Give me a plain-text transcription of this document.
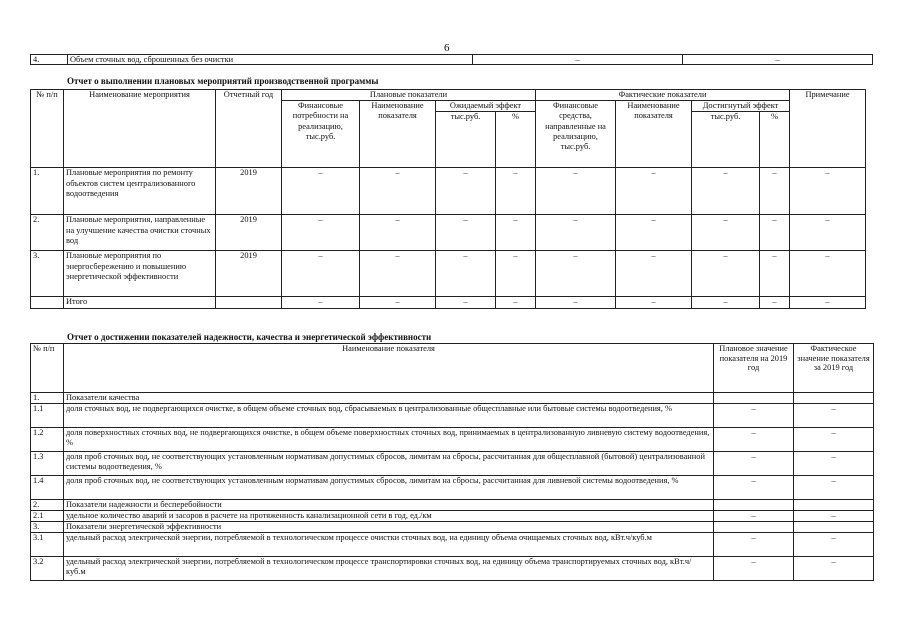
6
4.	Объем сточных вод, сброшенных без очистки	–	–
Отчет о выполнении плановых мероприятий производственной программы
№ п/п	Наименование мероприятия	Отчетный год	Плановые показатели				Фактические показатели				Примечание
			Финансовые потребности на реализацию, тыс.руб.	Наименование показателя	Ожидаемый эффект		Финансовые средства, направленные на реализацию, тыс.руб.	Наименование показателя	Достигнутый эффект		
					тыс.руб.	%			тыс.руб.	%	
1.	Плановые мероприятия по ремонту объектов систем централизованного водоотведения	2019	–	–	–	–	–	–	–	–	–
2.	Плановые мероприятия, направленные на улучшение качества очистки сточных вод	2019	–	–	–	–	–	–	–	–	–
3.	Плановые мероприятия по энергосбережению и повышению энергетической эффективности	2019	–	–	–	–	–	–	–	–	–
	Итого		–	–	–	–	–	–	–	–	–
Отчет о достижении показателей надежности, качества и энергетической эффективности
№ п/п	Наименование показателя	Плановое значение показателя на 2019 год	Фактическое значение показателя за 2019 год
1.	Показатели качества		
1.1	доля сточных вод, не подвергающихся очистке, в общем объеме сточных вод, сбрасываемых в централизованные общесплавные или бытовые системы водоотведения, %	–	–
1.2	доля поверхностных сточных вод, не подвергающихся очистке, в общем объеме поверхностных сточных вод, принимаемых в централизованную ливневую систему водоотведения, %	–	–
1.3	доля проб сточных вод, не соответствующих установленным нормативам допустимых сбросов, лимитам на сбросы, рассчитанная для общесплавной (бытовой) централизованной системы водоотведения, %	–	–
1.4	доля проб сточных вод, не соответствующих установленным нормативам допустимых сбросов, лимитам на сбросы, рассчитанная для ливневой системы водоотведения, %	–	–
2.	Показатели надежности и бесперебойности		
2.1	удельное количество аварий и засоров в расчете на протяженность канализационной сети в год, ед./км	–	–
3.	Показатели энергетической эффективности		
3.1	удельный расход электрической энергии, потребляемой в технологическом процессе очистки сточных вод, на единицу объема очищаемых сточных вод, кВт.ч/куб.м	–	–
3.2	удельный расход электрической энергии, потребляемой в технологическом процессе транспортировки сточных вод, на единицу объема транспортируемых сточных вод, кВт.ч/куб.м	–	–
